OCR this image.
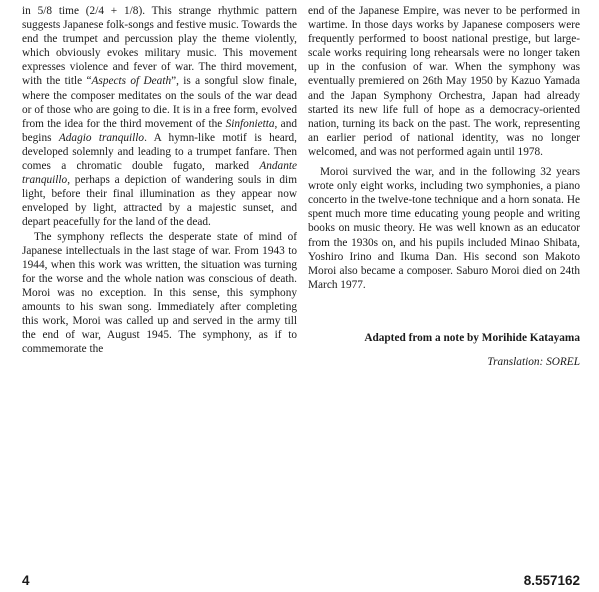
in 5/8 time (2/4 + 1/8). This strange rhythmic pattern suggests Japanese folk-songs and festive music. Towards the end the trumpet and percussion play the theme violently, which obviously evokes military music. This movement expresses violence and fever of war. The third movement, with the title “Aspects of Death”, is a songful slow finale, where the composer meditates on the souls of the war dead or of those who are going to die. It is in a free form, evolved from the idea for the third movement of the Sinfonietta, and begins Adagio tranquillo. A hymn-like motif is heard, developed solemnly and leading to a trumpet fanfare. Then comes a chromatic double fugato, marked Andante tranquillo, perhaps a depiction of wandering souls in dim light, before their final illumination as they appear now enveloped by light, attracted by a majestic sunset, and depart peacefully for the land of the dead.

The symphony reflects the desperate state of mind of Japanese intellectuals in the last stage of war. From 1943 to 1944, when this work was written, the situation was turning for the worse and the whole nation was conscious of death. Moroi was no exception. In this sense, this symphony amounts to his swan song. Immediately after completing this work, Moroi was called up and served in the army till the end of war, August 1945. The symphony, as if to commemorate the

end of the Japanese Empire, was never to be performed in wartime. In those days works by Japanese composers were frequently performed to boost national prestige, but large-scale works requiring long rehearsals were no longer taken up in the confusion of war. When the symphony was eventually premiered on 26th May 1950 by Kazuo Yamada and the Japan Symphony Orchestra, Japan had already started its new life full of hope as a democracy-oriented nation, turning its back on the past. The work, representing an earlier period of national identity, was no longer welcomed, and was not performed again until 1978.

Moroi survived the war, and in the following 32 years wrote only eight works, including two symphonies, a piano concerto in the twelve-tone technique and a horn sonata. He spent much more time educating young people and writing books on music theory. He was well known as an educator from the 1930s on, and his pupils included Minao Shibata, Yoshiro Irino and Ikuma Dan. His second son Makoto Moroi also became a composer. Saburo Moroi died on 24th March 1977.

Adapted from a note by Morihide Katayama
Translation: SOREL
4	8.557162
